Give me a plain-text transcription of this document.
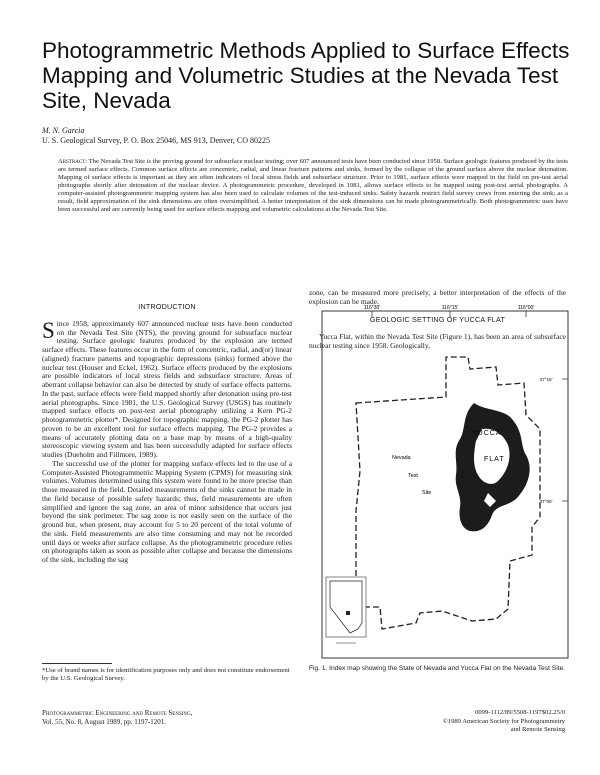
Photogrammetric Methods Applied to Surface Effects Mapping and Volumetric Studies at the Nevada Test Site, Nevada
M. N. Garcia
U. S. Geological Survey, P. O. Box 25046, MS 913, Denver, CO 80225

Abstract: The Nevada Test Site is the proving ground for subsurface nuclear testing; over 607 announced tests have been conducted since 1958. Surface geologic features produced by the tests are termed surface effects. Common surface effects are concentric, radial, and linear fracture patterns and sinks, formed by the collapse of the ground surface above the nuclear detonation. Mapping of surface effects is important as they are often indicators of local stress fields and subsurface structure. Prior to 1981, surface effects were mapped in the field on pre-test aerial photographs shortly after detonation of the nuclear device. A photogrammetric procedure, developed in 1981, allows surface effects to be mapped using post-test aerial photographs. A computer-assisted photogrammetric mapping system has also been used to calculate volumes of the test-induced sinks. Safety hazards restrict field survey crews from entering the sink; as a result, field approximation of the sink dimensions are often oversimplified. A better interpretation of the sink dimensions can be made photogrammetrically. Both photogrammetric uses have been successful and are currently being used for surface effects mapping and volumetric calculations at the Nevada Test Site.

INTRODUCTION

Since 1958, approximately 607 announced nuclear tests have been conducted on the Nevada Test Site (NTS), the proving ground for subsurface nuclear testing. Surface geologic features produced by the explosion are termed surface effects. These features occur in the form of concentric, radial, and(or) linear (aligned) fracture patterns and topographic depressions (sinks) formed above the nuclear test (Houser and Eckel, 1962). Surface effects produced by the explosions are possible indicators of local stress fields and subsurface structure. Areas of aberrant collapse behavior can also be detected by study of surface effects patterns. In the past, surface effects were field mapped shortly after detonation using pre-test aerial photographs. Since 1981, the U.S. Geological Survey (USGS) has routinely mapped surface effects on post-test aerial photography utilizing a Kern PG-2 photogrammetric plotter*. Designed for topographic mapping, the PG-2 plotter has proven to be an excellent tool for surface effects mapping. The PG-2 provides a means of accurately plotting data on a base map by means of a high-quality stereoscopic viewing system and has been successfully adapted for surface effects studies (Dueholm and Fillmore, 1989).

The successful use of the plotter for mapping surface effects led to the use of a Computer-Assisted Photogrammetric Mapping System (CPMS) for measuring sink volumes. Volumes determined using this system were found to be more precise than those measured in the field. Detailed measurements of the sinks cannot be made in the field because of possible safety hazards; thus, field measurements are often simplified and ignore the sag zone, an area of minor subsidence that occurs just beyond the sink perimeter. The sag zone is not easily seen on the surface of the ground but, when present, may account for 5 to 20 percent of the total volume of the sink. Field measurements are also time consuming and may not be recorded until days or weeks after surface collapse. As the photogrammetric procedure relies on photographs taken as soon as possible after collapse and because the dimensions of the sink, including the sag

zone, can be measured more precisely, a better interpretation of the effects of the explosion can be made.

GEOLOGIC SETTING OF YUCCA FLAT

Yucca Flat, within the Nevada Test Site (Figure 1), has been an area of subsurface nuclear testing since 1958. Geologically,

116°30'	116°15'	116°00'
37°15'
37°00'
YUCCA
FLAT
Nevada
Test
Site

*Use of brand names is for identification purposes only and does not constitute endorsement by the U.S. Geological Survey.

Fig. 1. Index map showing the State of Nevada and Yucca Flat on the Nevada Test Site.

Photogrammetric Engineering and Remote Sensing,
Vol. 55, No. 8, August 1989, pp. 1197-1201.
0099-1112/89/5508-1197$02.25/0
©1989 American Society for Photogrammetry
and Remote Sensing
